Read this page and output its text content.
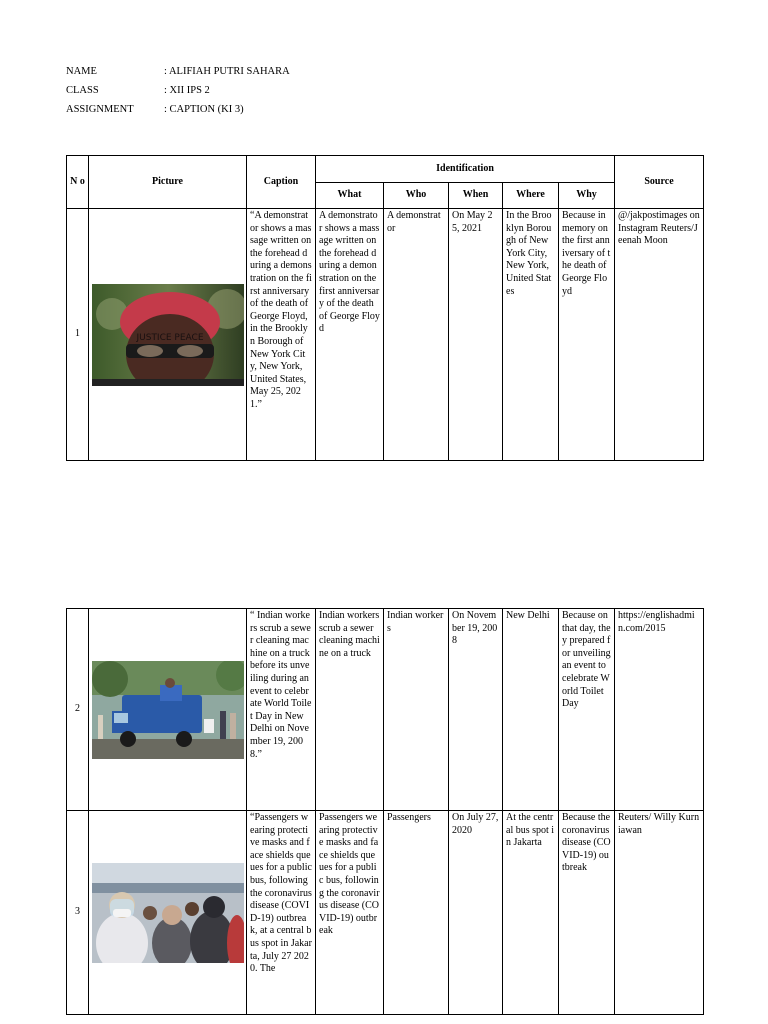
NAME	: ALIFIAH PUTRI SAHARA
CLASS	: XII IPS 2
ASSIGNMENT	: CAPTION (KI 3)
N o	Picture	Caption	Identification					Source
			What	Who	When	Where	Why	
1	JUSTICE PEACE	“A demonstrator shows a massage written on the forehead during a demonstration on the first anniversary of the death of George Floyd, in the Brooklyn Borough of New York City, New York, United States, May 25, 2021.”	A demonstrator shows a massage written on the forehead during a demonstration on the first anniversary of the death of George Floyd	A demonstrator	On May 25, 2021	In the Brooklyn Borough of New York City, New York, United States	Because in memory on the first anniversary of the death of George Floyd	@/jakpostimages on Instagram Reuters/Jeenah Moon
2		“ Indian workers scrub a sewer cleaning machine on a truck before its unveiling during an event to celebrate World Toilet Day in New Delhi on November 19, 2008.”	Indian workers scrub a sewer cleaning machine on a truck	Indian workers	On November 19, 2008	New Delhi	Because on that day, they prepared for unveiling an event to celebrate World Toilet Day	https://englishadmin.com/2015
3		“Passengers wearing protective masks and face shields queues for a public bus, following the coronavirus disease (COVID-19) outbreak, at a central bus spot in Jakarta, July 27 2020. The	Passengers wearing protective masks and face shields queues for a public bus, following the coronavirus disease (COVID-19) outbreak	Passengers	On July 27, 2020	At the central bus spot in Jakarta	Because the coronavirus disease (COVID-19) outbreak	Reuters/ Willy Kurniawan
